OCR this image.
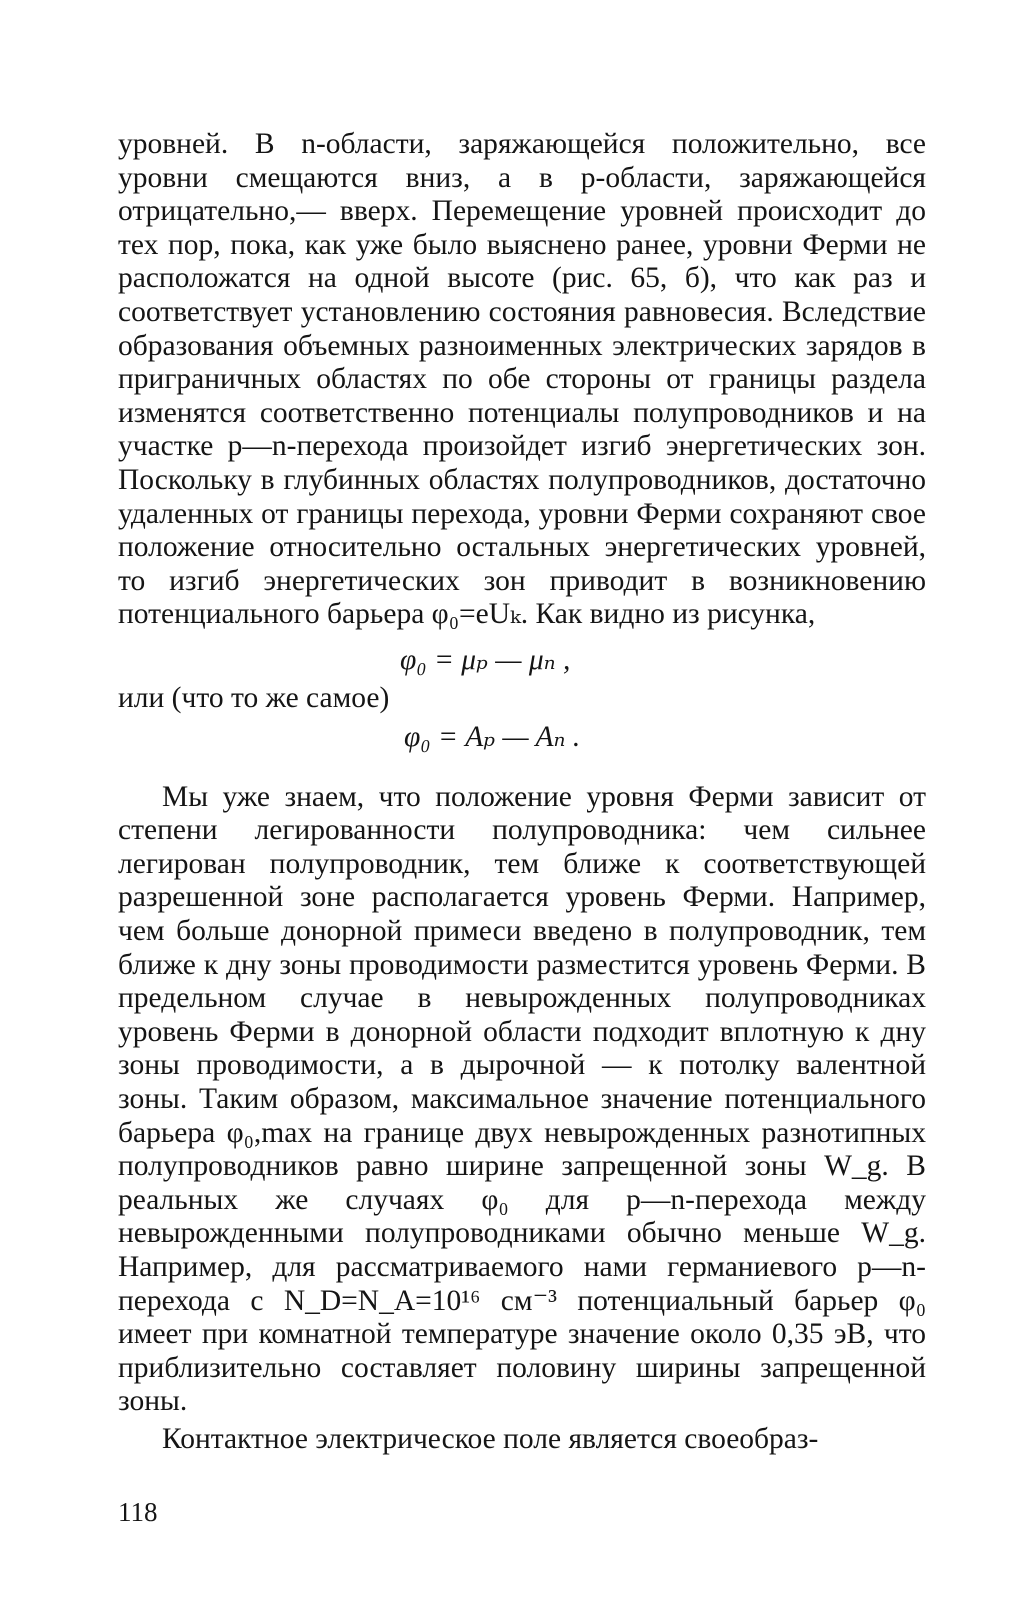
уровней. В n-области, заряжающейся положительно, все уровни смещаются вниз, а в p-области, заряжающейся отрицательно,— вверх. Перемещение уровней происходит до тех пор, пока, как уже было выяснено ранее, уровни Ферми не расположатся на одной высоте (рис. 65, б), что как раз и соответствует установлению состояния равновесия. Вследствие образования объемных разноименных электрических зарядов в приграничных областях по обе стороны от границы раздела изменятся соответственно потенциалы полупроводников и на участке p—n-перехода произойдет изгиб энергетических зон. Поскольку в глубинных областях полупроводников, достаточно удаленных от границы перехода, уровни Ферми сохраняют свое положение относительно остальных энергетических уровней, то изгиб энергетических зон приводит в возникновению потенциального барьера φ₀=eUₖ. Как видно из рисунка,

φ₀ = μₚ — μₙ ,

или (что то же самое)

φ₀ = Aₚ — Aₙ .

Мы уже знаем, что положение уровня Ферми зависит от степени легированности полупроводника: чем сильнее легирован полупроводник, тем ближе к соответствующей разрешенной зоне располагается уровень Ферми. Например, чем больше донорной примеси введено в полупроводник, тем ближе к дну зоны проводимости разместится уровень Ферми. В предельном случае в невырожденных полупроводниках уровень Ферми в донорной области подходит вплотную к дну зоны проводимости, а в дырочной — к потолку валентной зоны. Таким образом, максимальное значение потенциального барьера φ₀,max на границе двух невырожденных разнотипных полупроводников равно ширине запрещенной зоны W_g. В реальных же случаях φ₀ для p—n-перехода между невырожденными полупроводниками обычно меньше W_g. Например, для рассматриваемого нами германиевого p—n-перехода с N_D=N_A=10¹⁶ см⁻³ потенциальный барьер φ₀ имеет при комнатной температуре значение около 0,35 эВ, что приблизительно составляет половину ширины запрещенной зоны.

Контактное электрическое поле является своеобраз-

118
